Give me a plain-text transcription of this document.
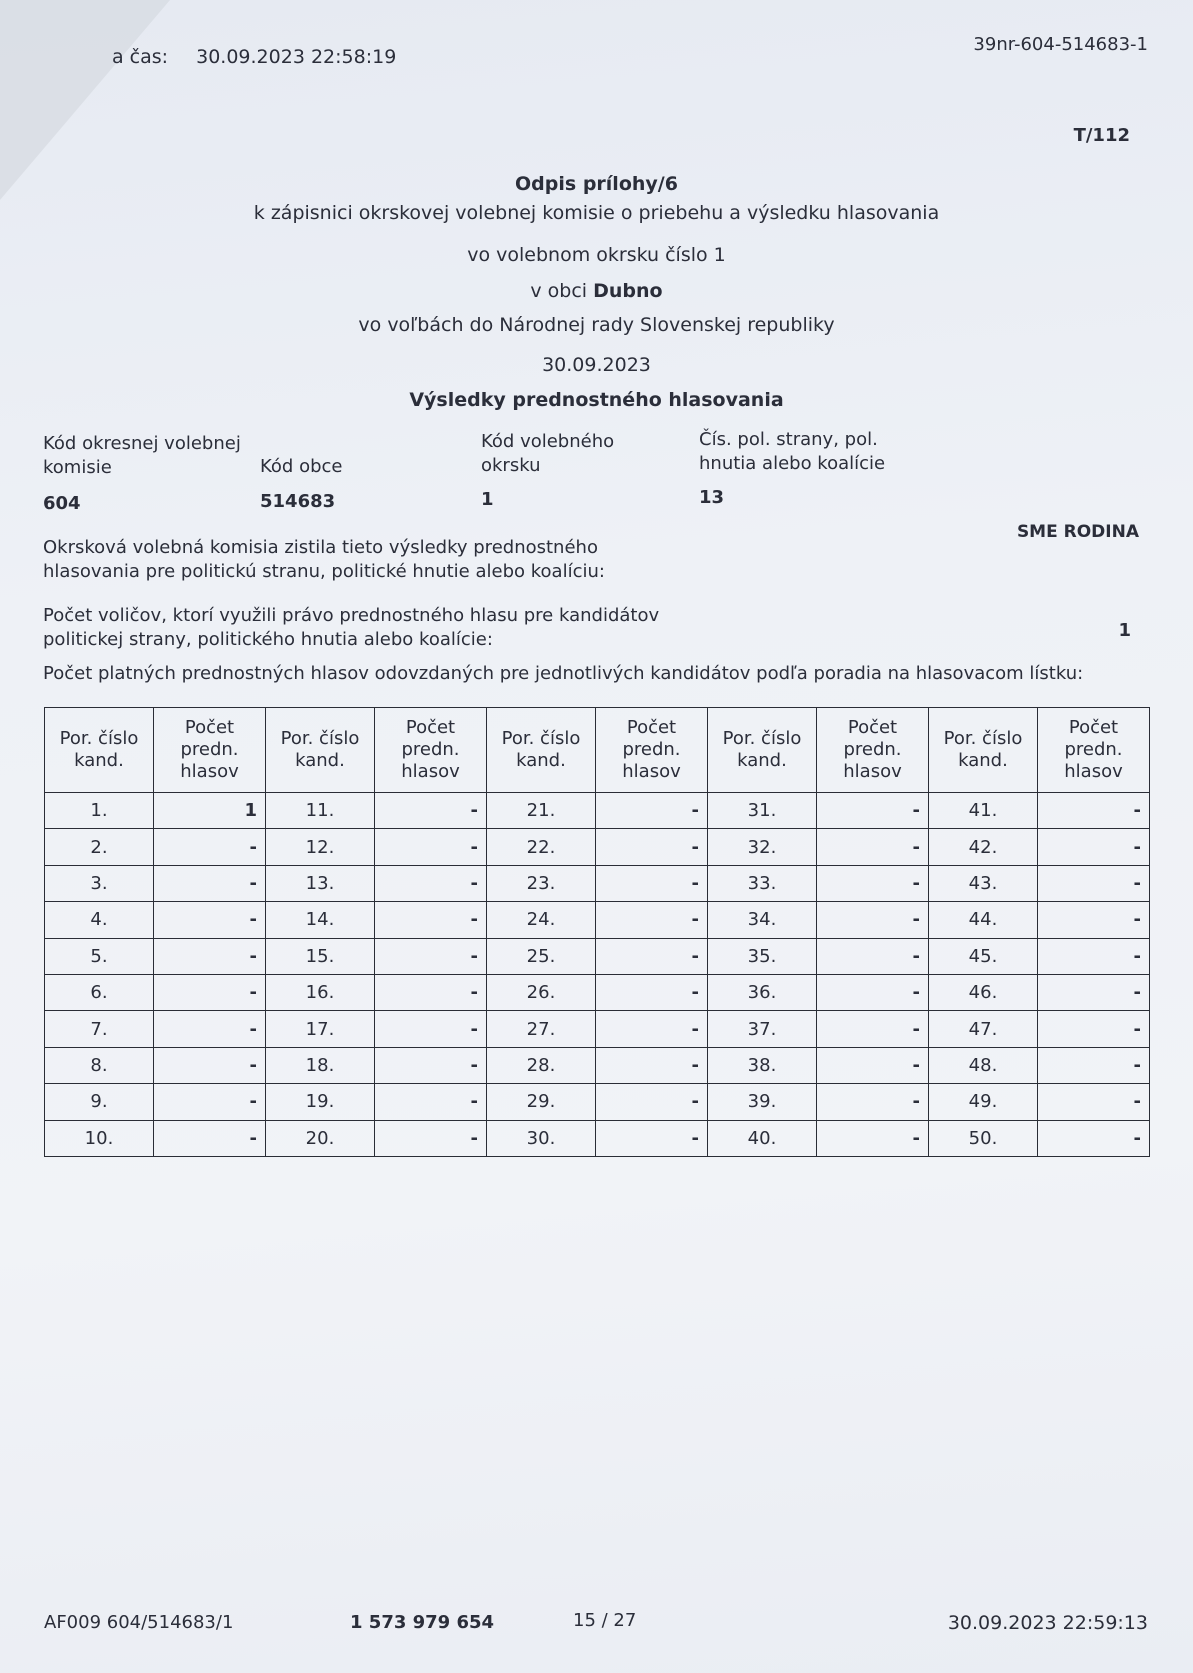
a čas: 30.09.2023 22:58:19
39nr-604-514683-1
T/112
Odpis prílohy/6
k zápisnici okrskovej volebnej komisie o priebehu a výsledku hlasovania
vo volebnom okrsku číslo 1
v obci Dubno
vo voľbách do Národnej rady Slovenskej republiky
30.09.2023
Výsledky prednostného hlasovania
Kód okresnej volebnej komisie	Kód obce
Kód volebného okrsku
Čís. pol. strany, pol. hnutia alebo koalície
604	514683	1	13
Okrsková volebná komisia zistila tieto výsledky prednostného hlasovania pre politickú stranu, politické hnutie alebo koalíciu:
SME RODINA
Počet voličov, ktorí využili právo prednostného hlasu pre kandidátov politickej strany, politického hnutia alebo koalície:	1
Počet platných prednostných hlasov odovzdaných pre jednotlivých kandidátov podľa poradia na hlasovacom lístku:
Por. číslo kand.	Počet predn. hlasov	Por. číslo kand.	Počet predn. hlasov	Por. číslo kand.	Počet predn. hlasov	Por. číslo kand.	Počet predn. hlasov	Por. číslo kand.	Počet predn. hlasov
1.	1	11.	-	21.	-	31.	-	41.	-
2.	-	12.	-	22.	-	32.	-	42.	-
3.	-	13.	-	23.	-	33.	-	43.	-
4.	-	14.	-	24.	-	34.	-	44.	-
5.	-	15.	-	25.	-	35.	-	45.	-
6.	-	16.	-	26.	-	36.	-	46.	-
7.	-	17.	-	27.	-	37.	-	47.	-
8.	-	18.	-	28.	-	38.	-	48.	-
9.	-	19.	-	29.	-	39.	-	49.	-
10.	-	20.	-	30.	-	40.	-	50.	-
AF009 604/514683/1	1 573 979 654	15 / 27	30.09.2023 22:59:13
